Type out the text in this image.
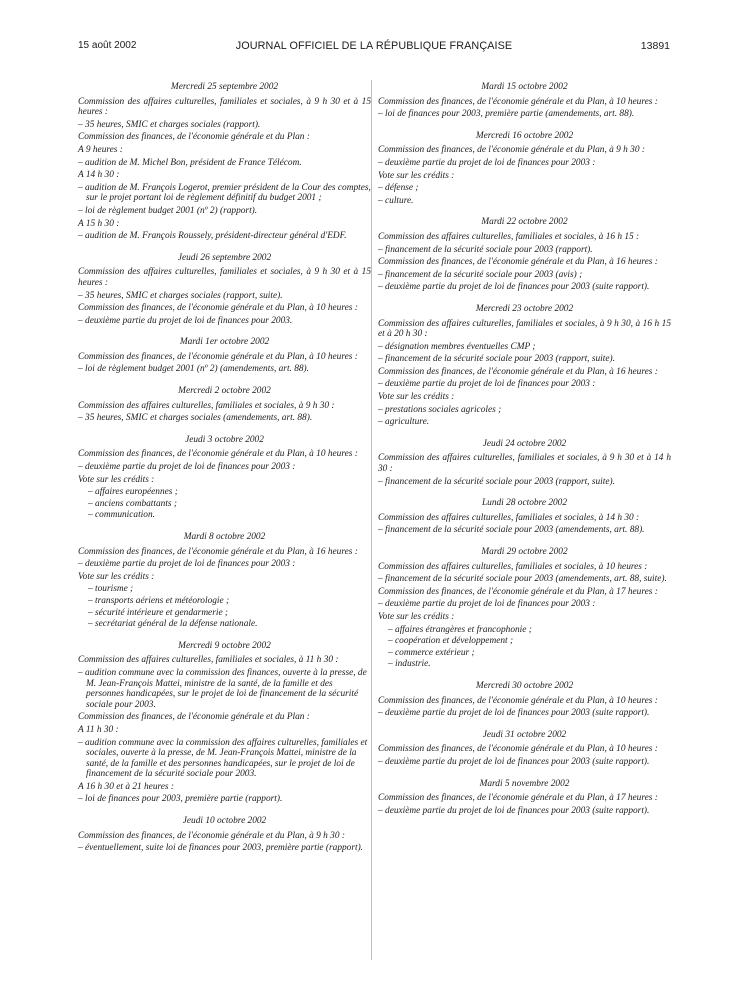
15 août 2002	JOURNAL OFFICIEL DE LA RÉPUBLIQUE FRANÇAISE	13891
Mercredi 25 septembre 2002
Commission des affaires culturelles, familiales et sociales, à 9 h 30 et à 15 heures :
– 35 heures, SMIC et charges sociales (rapport).
Commission des finances, de l'économie générale et du Plan :
A 9 heures :
– audition de M. Michel Bon, président de France Télécom.
A 14 h 30 :
– audition de M. François Logerot, premier président de la Cour des comptes, sur le projet portant loi de règlement définitif du budget 2001 ;
– loi de règlement budget 2001 (nº 2) (rapport).
A 15 h 30 :
– audition de M. François Roussely, président-directeur général d'EDF.
Jeudi 26 septembre 2002
Commission des affaires culturelles, familiales et sociales, à 9 h 30 et à 15 heures :
– 35 heures, SMIC et charges sociales (rapport, suite).
Commission des finances, de l'économie générale et du Plan, à 10 heures :
– deuxième partie du projet de loi de finances pour 2003.
Mardi 1er octobre 2002
Commission des finances, de l'économie générale et du Plan, à 10 heures :
– loi de règlement budget 2001 (nº 2) (amendements, art. 88).
Mercredi 2 octobre 2002
Commission des affaires culturelles, familiales et sociales, à 9 h 30 :
– 35 heures, SMIC et charges sociales (amendements, art. 88).
Jeudi 3 octobre 2002
Commission des finances, de l'économie générale et du Plan, à 10 heures :
– deuxième partie du projet de loi de finances pour 2003 :
Vote sur les crédits :
– affaires européennes ;
– anciens combattants ;
– communication.
Mardi 8 octobre 2002
Commission des finances, de l'économie générale et du Plan, à 16 heures :
– deuxième partie du projet de loi de finances pour 2003 :
Vote sur les crédits :
– tourisme ;
– transports aériens et météorologie ;
– sécurité intérieure et gendarmerie ;
– secrétariat général de la défense nationale.
Mercredi 9 octobre 2002
Commission des affaires culturelles, familiales et sociales, à 11 h 30 :
– audition commune avec la commission des finances, ouverte à la presse, de M. Jean-François Mattei, ministre de la santé, de la famille et des personnes handicapées, sur le projet de loi de financement de la sécurité sociale pour 2003.
Commission des finances, de l'économie générale et du Plan :
A 11 h 30 :
– audition commune avec la commission des affaires culturelles, familiales et sociales, ouverte à la presse, de M. Jean-François Mattei, ministre de la santé, de la famille et des personnes handicapées, sur le projet de loi de financement de la sécurité sociale pour 2003.
A 16 h 30 et à 21 heures :
– loi de finances pour 2003, première partie (rapport).
Jeudi 10 octobre 2002
Commission des finances, de l'économie générale et du Plan, à 9 h 30 :
– éventuellement, suite loi de finances pour 2003, première partie (rapport).
Mardi 15 octobre 2002
Commission des finances, de l'économie générale et du Plan, à 10 heures :
– loi de finances pour 2003, première partie (amendements, art. 88).
Mercredi 16 octobre 2002
Commission des finances, de l'économie générale et du Plan, à 9 h 30 :
– deuxième partie du projet de loi de finances pour 2003 :
Vote sur les crédits :
– défense ;
– culture.
Mardi 22 octobre 2002
Commission des affaires culturelles, familiales et sociales, à 16 h 15 :
– financement de la sécurité sociale pour 2003 (rapport).
Commission des finances, de l'économie générale et du Plan, à 16 heures :
– financement de la sécurité sociale pour 2003 (avis) ;
– deuxième partie du projet de loi de finances pour 2003 (suite rapport).
Mercredi 23 octobre 2002
Commission des affaires culturelles, familiales et sociales, à 9 h 30, à 16 h 15 et à 20 h 30 :
– désignation membres éventuelles CMP ;
– financement de la sécurité sociale pour 2003 (rapport, suite).
Commission des finances, de l'économie générale et du Plan, à 16 heures :
– deuxième partie du projet de loi de finances pour 2003 :
Vote sur les crédits :
– prestations sociales agricoles ;
– agriculture.
Jeudi 24 octobre 2002
Commission des affaires culturelles, familiales et sociales, à 9 h 30 et à 14 h 30 :
– financement de la sécurité sociale pour 2003 (rapport, suite).
Lundi 28 octobre 2002
Commission des affaires culturelles, familiales et sociales, à 14 h 30 :
– financement de la sécurité sociale pour 2003 (amendements, art. 88).
Mardi 29 octobre 2002
Commission des affaires culturelles, familiales et sociales, à 10 heures :
– financement de la sécurité sociale pour 2003 (amendements, art. 88, suite).
Commission des finances, de l'économie générale et du Plan, à 17 heures :
– deuxième partie du projet de loi de finances pour 2003 :
Vote sur les crédits :
– affaires étrangères et francophonie ;
– coopération et développement ;
– commerce extérieur ;
– industrie.
Mercredi 30 octobre 2002
Commission des finances, de l'économie générale et du Plan, à 10 heures :
– deuxième partie du projet de loi de finances pour 2003 (suite rapport).
Jeudi 31 octobre 2002
Commission des finances, de l'économie générale et du Plan, à 10 heures :
– deuxième partie du projet de loi de finances pour 2003 (suite rapport).
Mardi 5 novembre 2002
Commission des finances, de l'économie générale et du Plan, à 17 heures :
– deuxième partie du projet de loi de finances pour 2003 (suite rapport).
